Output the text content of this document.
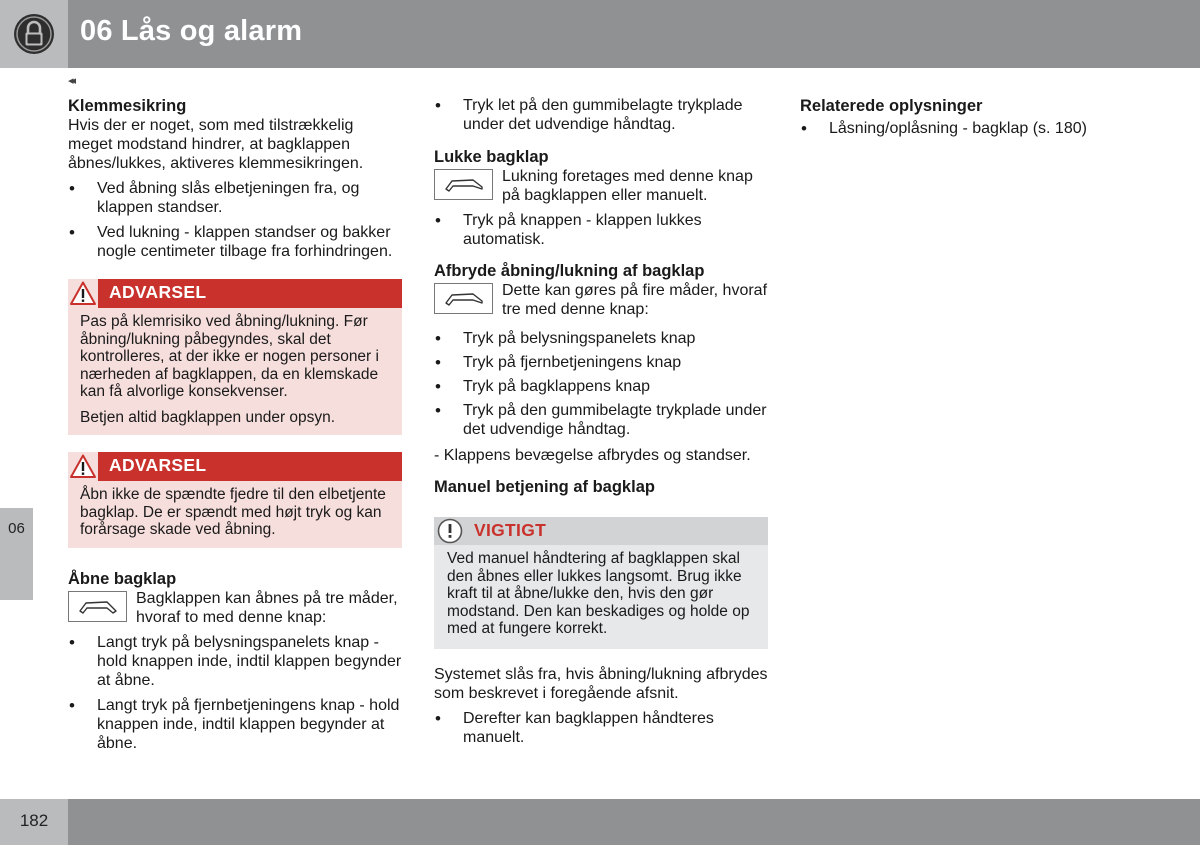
06 Lås og alarm
◂◂
Klemmesikring

Hvis der er noget, som med tilstrækkelig meget modstand hindrer, at bagklappen åbnes/lukkes, aktiveres klemmesikringen.

• Ved åbning slås elbetjeningen fra, og klappen standser.
• Ved lukning - klappen standser og bakker nogle centimeter tilbage fra forhindringen.
ADVARSEL

Pas på klemrisiko ved åbning/lukning. Før åbning/lukning påbegyndes, skal det kontrolleres, at der ikke er nogen personer i nærheden af bagklappen, da en klemskade kan få alvorlige konsekvenser.

Betjen altid bagklappen under opsyn.

ADVARSEL

Åbn ikke de spændte fjedre til den elbetjente bagklap. De er spændt med højt tryk og kan forårsage skade ved åbning.

Åbne bagklap

Bagklappen kan åbnes på tre måder, hvoraf to med denne knap:

• Langt tryk på belysningspanelets knap - hold knappen inde, indtil klappen begynder at åbne.
• Langt tryk på fjernbetjeningens knap - hold knappen inde, indtil klappen begynder at åbne.
• Tryk let på den gummibelagte trykplade under det udvendige håndtag.
Lukke bagklap

Lukning foretages med denne knap på bagklappen eller manuelt.

• Tryk på knappen - klappen lukkes automatisk.
Afbryde åbning/lukning af bagklap

Dette kan gøres på fire måder, hvoraf tre med denne knap:

• Tryk på belysningspanelets knap
• Tryk på fjernbetjeningens knap
• Tryk på bagklappens knap
• Tryk på den gummibelagte trykplade under det udvendige håndtag.

- Klappens bevægelse afbrydes og standser.

Manuel betjening af bagklap
VIGTIGT

Ved manuel håndtering af bagklappen skal den åbnes eller lukkes langsomt. Brug ikke kraft til at åbne/lukke den, hvis den gør modstand. Den kan beskadiges og holde op med at fungere korrekt.

Systemet slås fra, hvis åbning/lukning afbrydes som beskrevet i foregående afsnit.

• Derefter kan bagklappen håndteres manuelt.
Relaterede oplysninger
• Låsning/oplåsning - bagklap (s. 180)
06
182
